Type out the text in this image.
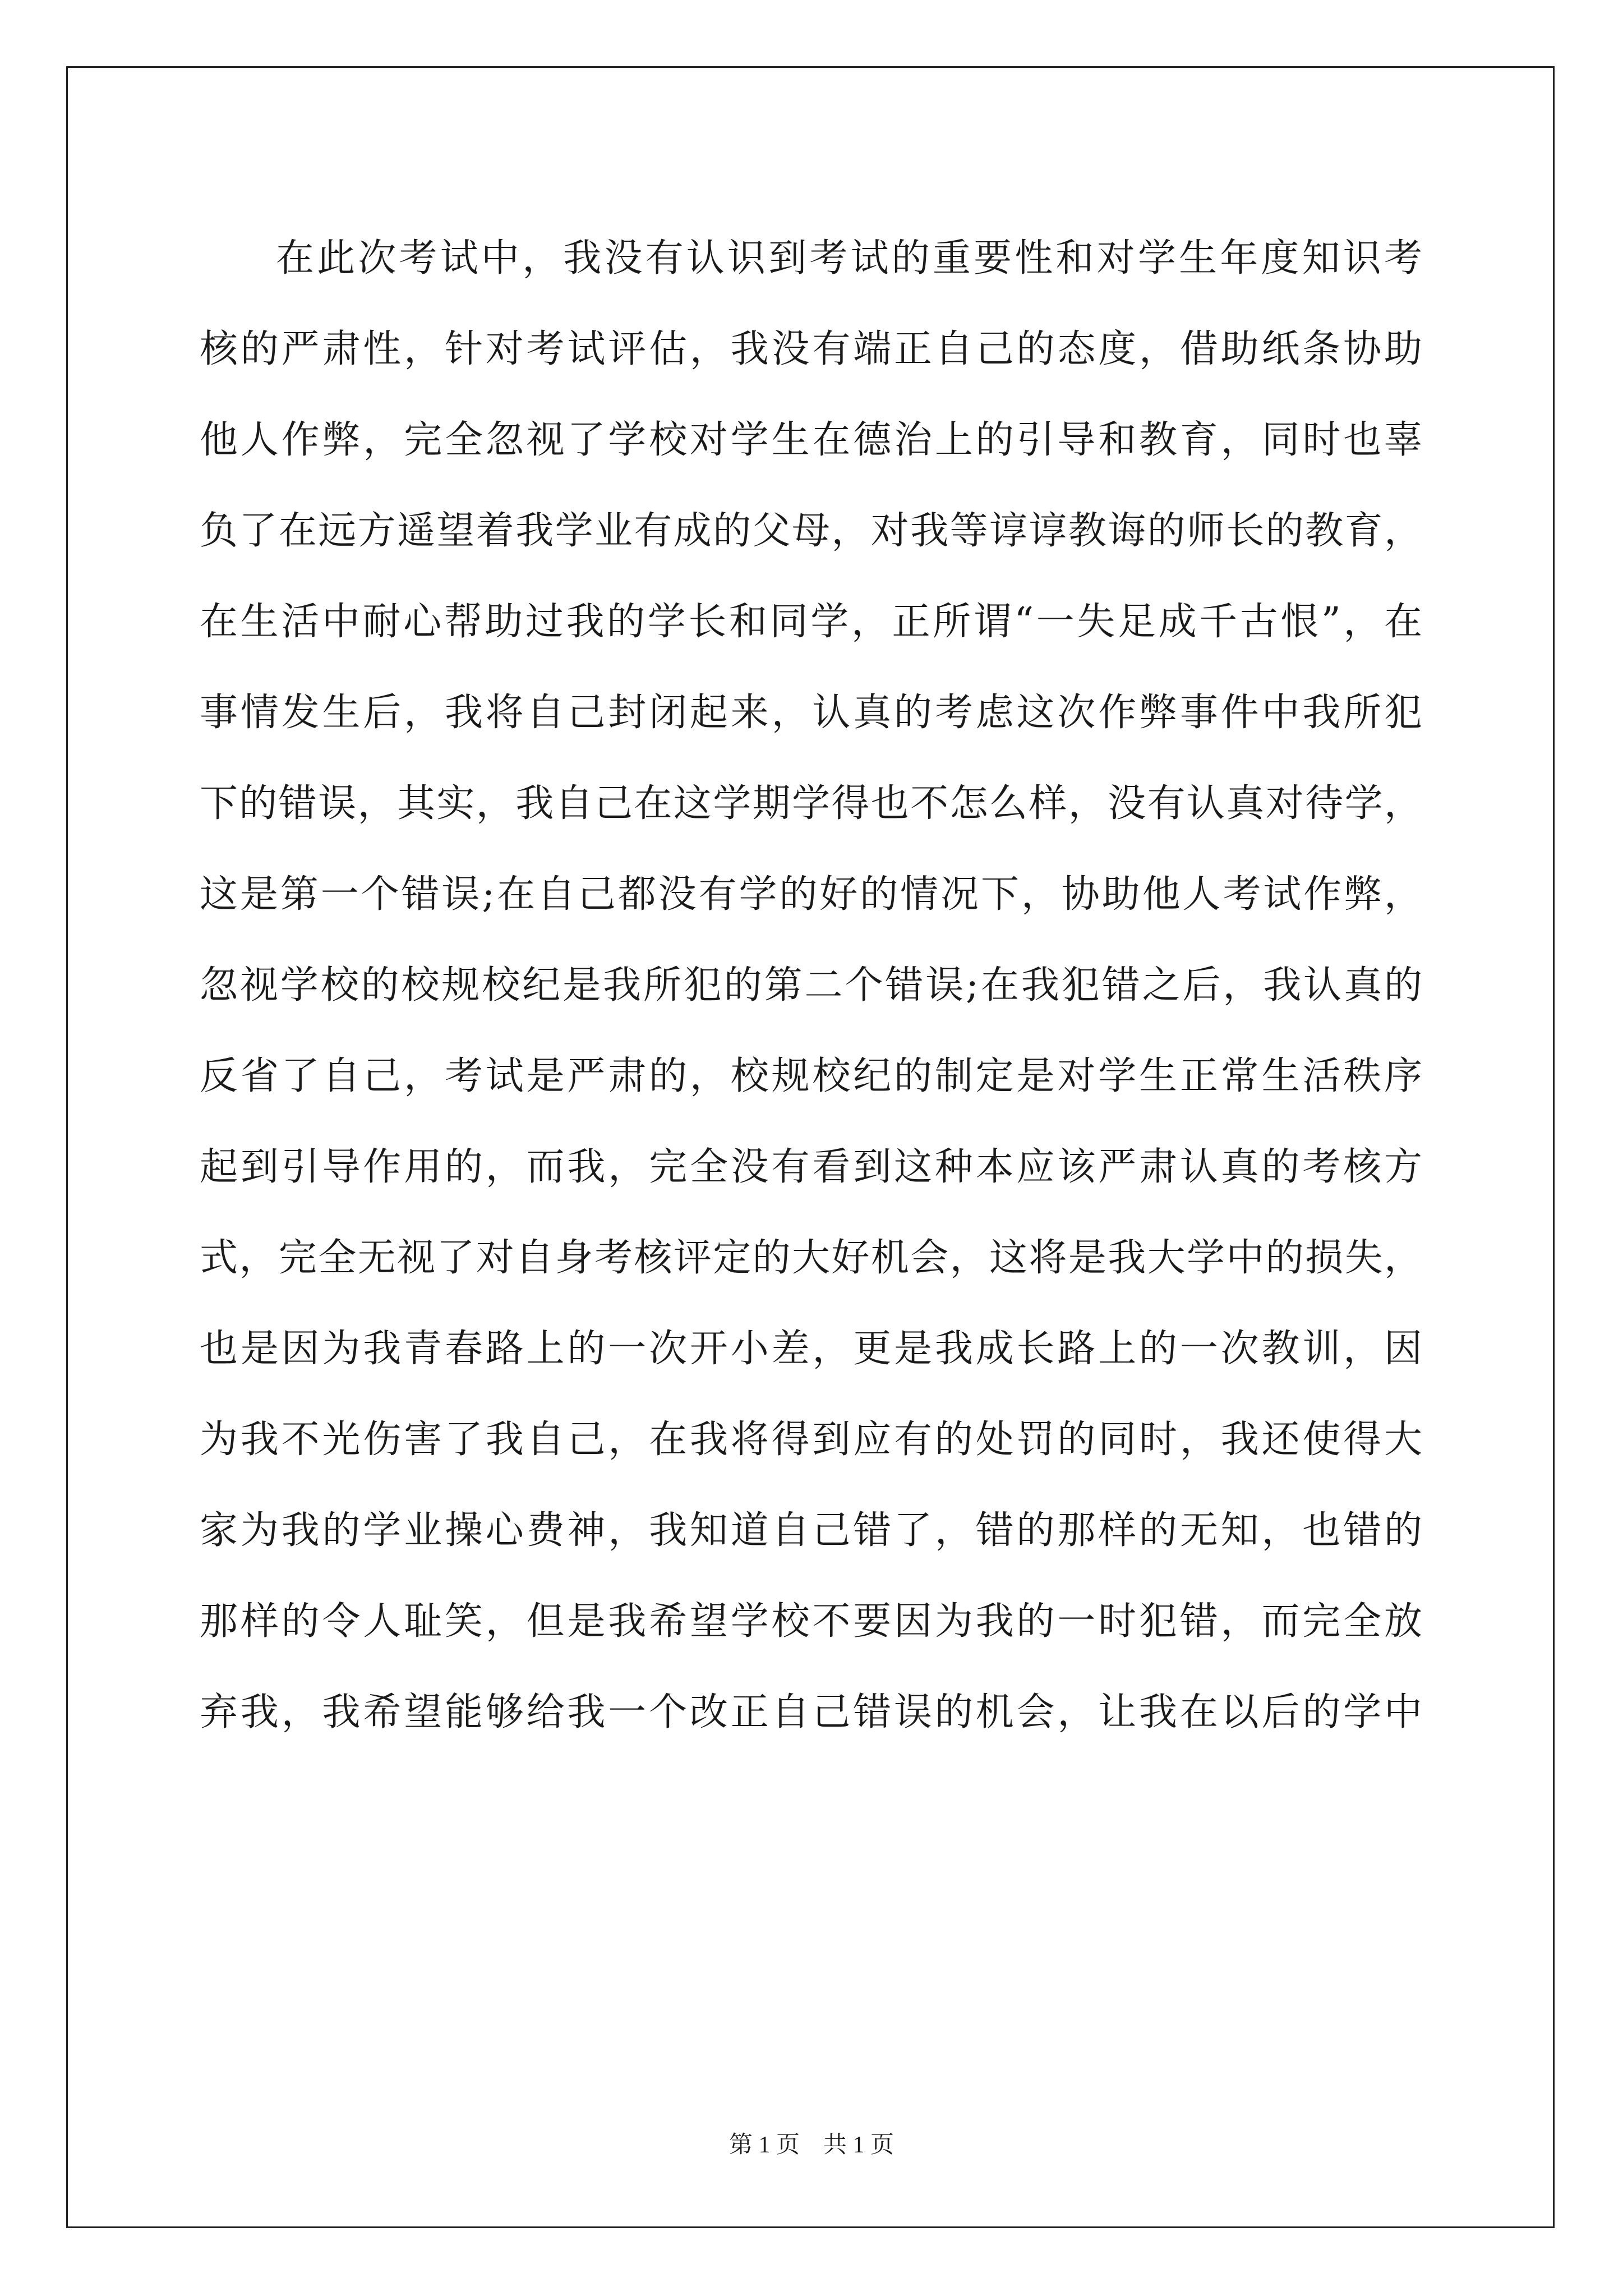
在此次考试中，我没有认识到考试的重要性和对学生年度知识考
核的严肃性，针对考试评估，我没有端正自己的态度，借助纸条协助
他人作弊，完全忽视了学校对学生在德治上的引导和教育，同时也辜
负了在远方遥望着我学业有成的父母，对我等谆谆教诲的师长的教育，
在生活中耐心帮助过我的学长和同学，正所谓“一失足成千古恨”，在
事情发生后，我将自己封闭起来，认真的考虑这次作弊事件中我所犯
下的错误，其实，我自己在这学期学得也不怎么样，没有认真对待学，
这是第一个错误;在自己都没有学的好的情况下，协助他人考试作弊，
忽视学校的校规校纪是我所犯的第二个错误;在我犯错之后，我认真的
反省了自己，考试是严肃的，校规校纪的制定是对学生正常生活秩序
起到引导作用的，而我，完全没有看到这种本应该严肃认真的考核方
式，完全无视了对自身考核评定的大好机会，这将是我大学中的损失，
也是因为我青春路上的一次开小差，更是我成长路上的一次教训，因
为我不光伤害了我自己，在我将得到应有的处罚的同时，我还使得大
家为我的学业操心费神，我知道自己错了，错的那样的无知，也错的
那样的令人耻笑，但是我希望学校不要因为我的一时犯错，而完全放
弃我，我希望能够给我一个改正自己错误的机会，让我在以后的学中
第 1 页 共 1 页
